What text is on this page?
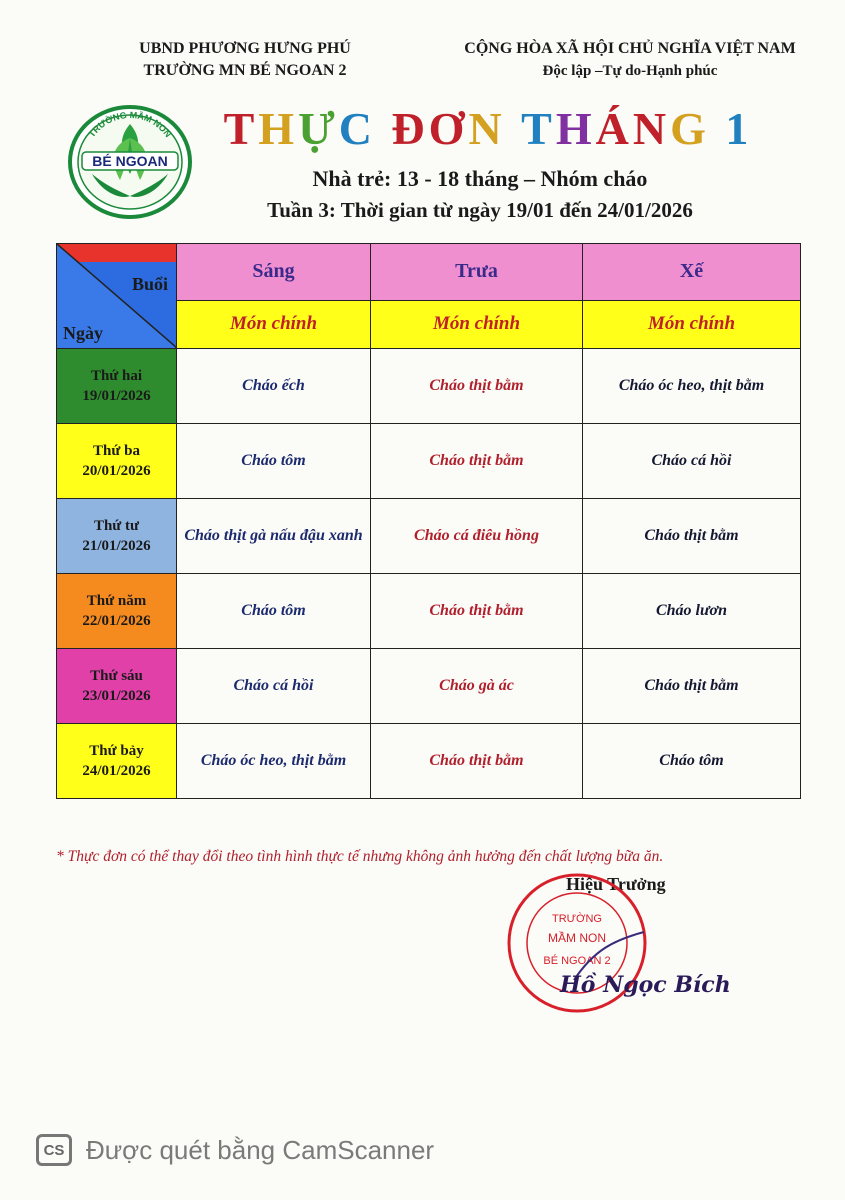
UBND PHƯƠNG HƯNG PHÚ
TRƯỜNG MN BÉ NGOAN 2
CỘNG HÒA XÃ HỘI CHỦ NGHĨA VIỆT NAM
Độc lập –Tự do-Hạnh phúc
TRƯỜNG MẦM NON
BÉ NGOAN
THỰC ĐƠN THÁNG 1
Nhà trẻ: 13 - 18 tháng – Nhóm cháo
Tuần 3: Thời gian từ ngày 19/01 đến 24/01/2026
Buổi
Ngày	Sáng	Trưa	Xế
	Món chính	Món chính	Món chính

Thứ hai
19/01/2026	Cháo ếch	Cháo thịt bằm	Cháo óc heo, thịt bằm

Thứ ba
20/01/2026	Cháo tôm	Cháo thịt bằm	Cháo cá hồi

Thứ tư
21/01/2026	Cháo thịt gà nấu đậu xanh	Cháo cá điêu hồng	Cháo thịt bằm

Thứ năm
22/01/2026	Cháo tôm	Cháo thịt bằm	Cháo lươn

Thứ sáu
23/01/2026	Cháo cá hồi	Cháo gà ác	Cháo thịt bằm

Thứ bảy
24/01/2026	Cháo óc heo, thịt bằm	Cháo thịt bằm	Cháo tôm
* Thực đơn có thể thay đổi theo tình hình thực tế nhưng không ảnh hưởng đến chất lượng bữa ăn.
Hiệu Trưởng
TRƯỜNG
MẦM NON
BÉ NGOAN 2
Hồ Ngọc Bích
CS Được quét bằng CamScanner
